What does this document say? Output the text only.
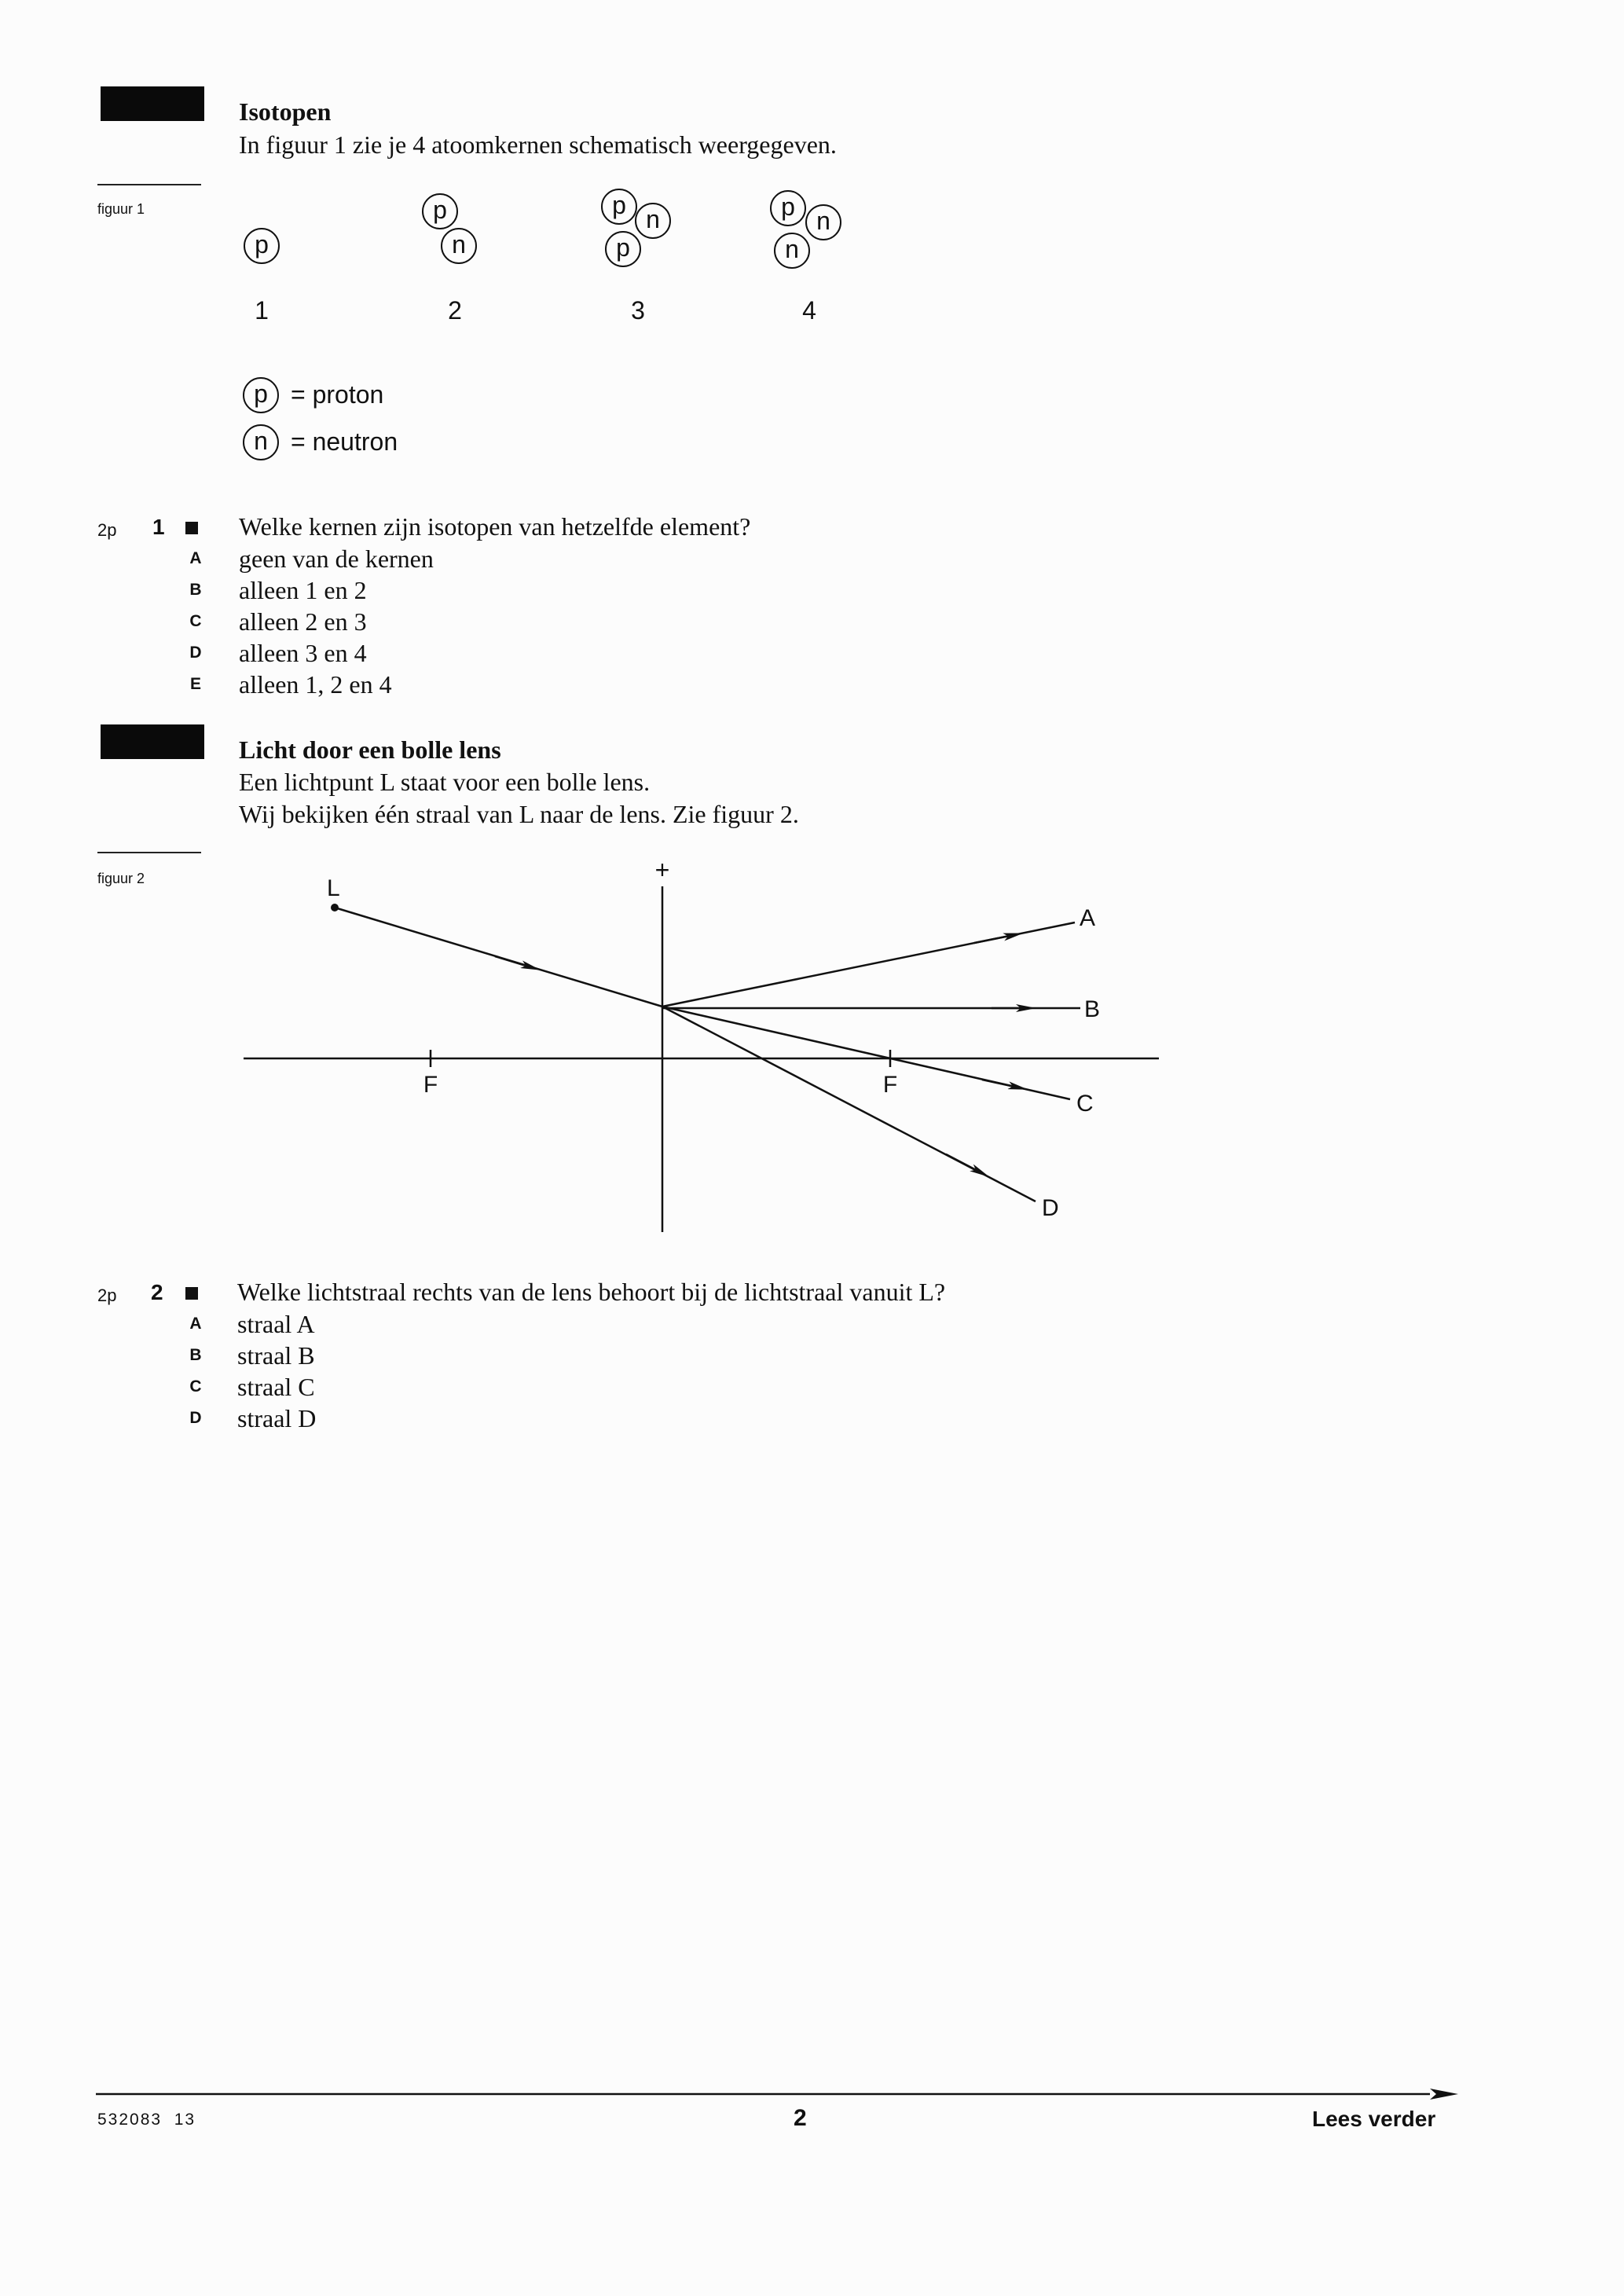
Isotopen
In figuur 1 zie je 4 atoomkernen schematisch weergegeven.
figuur 1
p
p
n
p n
p
p n
n
1	2	3	4
p = proton
n = neutron
2p 1	Welke kernen zijn isotopen van hetzelfde element?
A geen van de kernen
B alleen 1 en 2
C alleen 2 en 3
D alleen 3 en 4
E alleen 1, 2 en 4
Licht door een bolle lens
Een lichtpunt L staat voor een bolle lens.
Wij bekijken één straal van L naar de lens. Zie figuur 2.
figuur 2	+
L
F	F
A
B
C
D
2p 2	Welke lichtstraal rechts van de lens behoort bij de lichtstraal vanuit L?
A straal A
B straal B
C straal C
D straal D
532083  13	2	Lees verder
